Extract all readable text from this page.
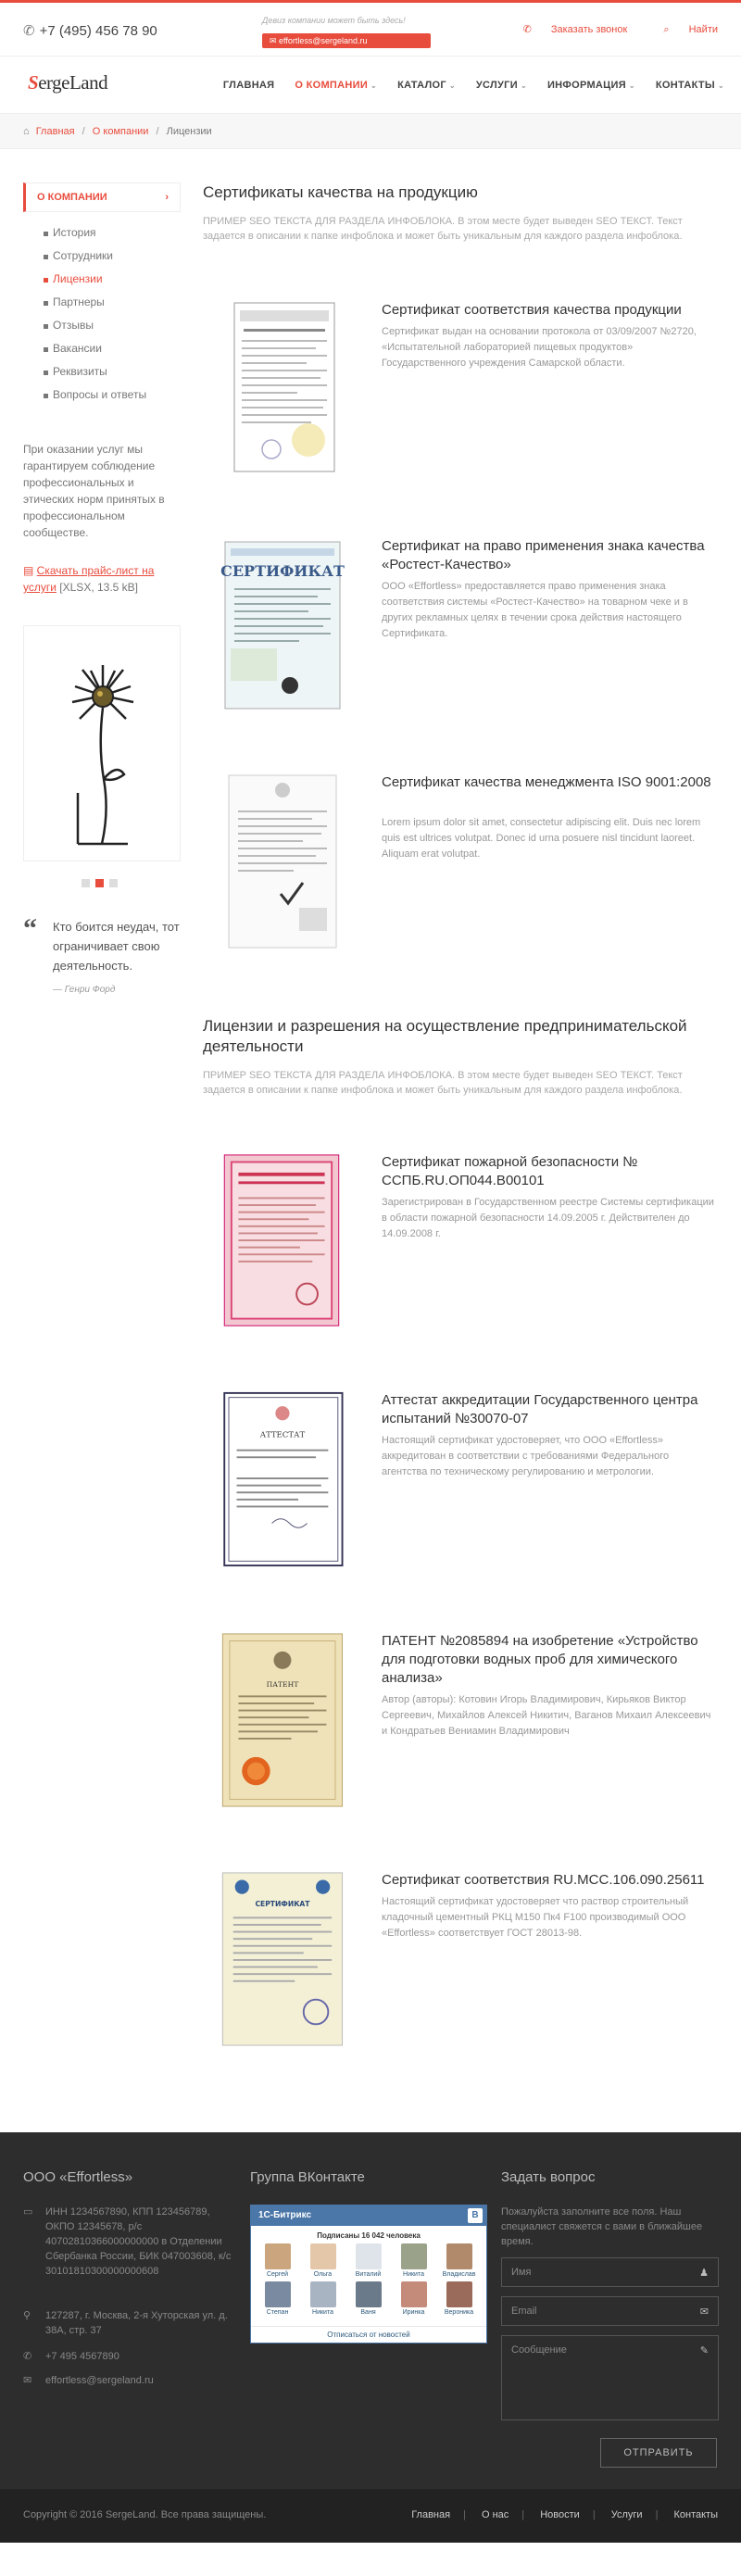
✆ +7 (495) 456 78 90
Девиз компании может быть здесь!
✉ effortless@sergeland.ru
✆ Заказать звонок	⌕ Найти
SergeLand	ГЛАВНАЯ О КОМПАНИИ ⌄ КАТАЛОГ ⌄ УСЛУГИ ⌄ ИНФОРМАЦИЯ ⌄ КОНТАКТЫ ⌄
⌂ Главная / О компании / Лицензии
О КОМПАНИИ	›
История
Сотрудники
Лицензии
Партнеры
Отзывы
Вакансии
Реквизиты
Вопросы и ответы
При оказании услуг мы гарантируем соблюдение профессиональных и этических норм принятых в профессиональном сообществе.
▤ Скачать прайс-лист на услуги [XLSX, 13.5 kB]
“ Кто боится неудач, тот ограничивает свою деятельность.
— Генри Форд
Сертификаты качества на продукцию
ПРИМЕР SEO ТЕКСТА ДЛЯ РАЗДЕЛА ИНФОБЛОКА. В этом месте будет выведен SEO ТЕКСТ. Текст задается в описании к папке инфоблока и может быть уникальным для каждого раздела инфоблока.
Сертификат соответствия качества продукции
Сертификат выдан на основании протокола от 03/09/2007 №2720, «Испытательной лабораторией пищевых продуктов» Государственного учреждения Самарской области.
СЕРТИФИКАТ
Сертификат на право применения знака качества «Ростест-Качество»
ООО «Effortless» предоставляется право применения знака соответствия системы «Ростест-Качество» на товарном чеке и в других рекламных целях в течении срока действия настоящего Сертификата.
Сертификат качества менеджмента ISO 9001:2008
Lorem ipsum dolor sit amet, consectetur adipiscing elit. Duis nec lorem quis est ultrices volutpat. Donec id urna posuere nisl tincidunt laoreet. Aliquam erat volutpat.
Лицензии и разрешения на осуществление предпринимательской деятельности
ПРИМЕР SEO ТЕКСТА ДЛЯ РАЗДЕЛА ИНФОБЛОКА. В этом месте будет выведен SEO ТЕКСТ. Текст задается в описании к папке инфоблока и может быть уникальным для каждого раздела инфоблока.
Сертификат пожарной безопасности № ССПБ.RU.ОП044.В00101
Зарегистрирован в Государственном реестре Системы сертификации в области пожарной безопасности 14.09.2005 г. Действителен до 14.09.2008 г.
АТТЕСТАТ
Аттестат аккредитации Государственного центра испытаний №30070-07
Настоящий сертификат удостоверяет, что ООО «Effortless» аккредитован в соответствии с требованиями Федерального агентства по техническому регулированию и метрологии.
ПАТЕНТ
ПАТЕНТ №2085894 на изобретение «Устройство для подготовки водных проб для химического анализа»
Автор (авторы): Котовин Игорь Владимирович, Кирьяков Виктор Сергеевич, Михайлов Алексей Никитич, Ваганов Михаил Алексеевич и Кондратьев Вениамин Владимирович
СЕРТИФИКАТ
Сертификат соответствия RU.МСС.106.090.25611
Настоящий сертификат удостоверяет что раствор строительный кладочный цементный РКЦ М150 Пк4 F100 производимый ООО «Effortless» соответствует ГОСТ 28013-98.
ООО «Effortless»
▭ ИНН 1234567890, КПП 123456789, ОКПО 12345678, р/с 40702810366000000000 в Отделении Сбербанка России, БИК 047003608, к/с 30101810300000000608
⚲ 127287, г. Москва, 2-я Хуторская ул. д. 38А, стр. 37
✆ +7 495 4567890
✉ effortless@sergeland.ru
Группа ВКонтакте
1С-Битрикс	B
Подписаны 16 042 человека
Сергей	Ольга	Виталий	Никита	Владислав
Степан	Никита	Ваня	Иринка	Вероника
Отписаться от новостей
Задать вопрос
Пожалуйста заполните все поля. Наш специалист свяжется с вами в ближайшее время.
Имя	♟
Email	✉
Сообщение	✎
ОТПРАВИТЬ
Copyright © 2016 SergeLand. Все права защищены.	Главная | О нас | Новости | Услуги | Контакты
